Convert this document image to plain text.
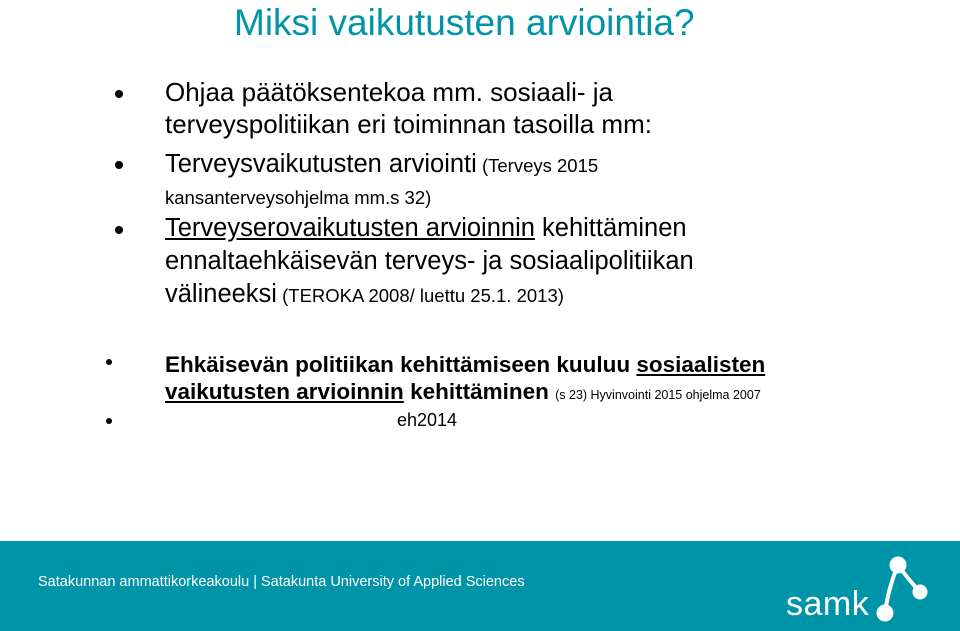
Miksi vaikutusten arviointia?
Ohjaa päätöksentekoa mm. sosiaali- ja
terveyspolitiikan eri toiminnan tasoilla mm:
Terveysvaikutusten arviointi (Terveys 2015
kansanterveysohjelma mm.s 32)
Terveyserovaikutusten arvioinnin kehittäminen
ennaltaehkäisevän terveys- ja sosiaalipolitiikan
välineeksi (TEROKA 2008/ luettu 25.1. 2013)
Ehkäisevän politiikan kehittämiseen kuuluu sosiaalisten
vaikutusten arvioinnin kehittäminen (s 23) Hyvinvointi 2015 ohjelma 2007
eh2014
Satakunnan ammattikorkeakoulu | Satakunta University of Applied Sciences
samk
